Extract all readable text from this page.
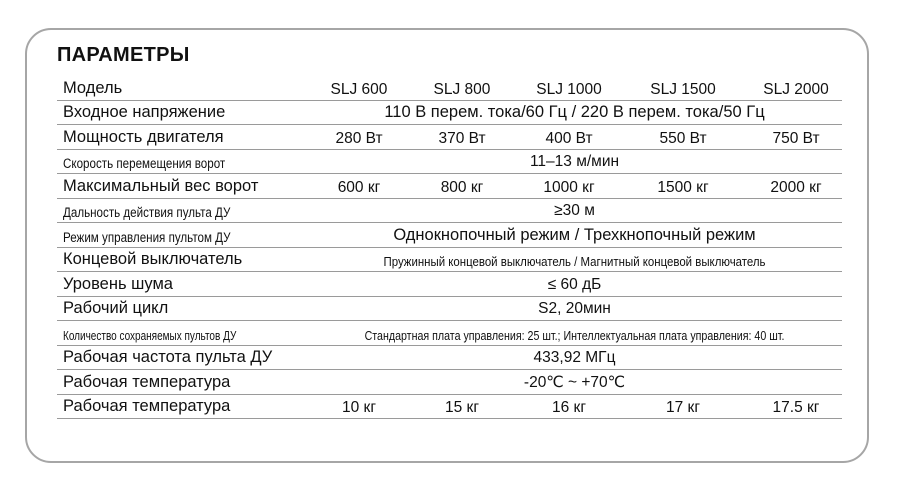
ПАРАМЕТРЫ
Модель	SLJ 600	SLJ 800	SLJ 1000	SLJ 1500	SLJ 2000
Входное напряжение	110 В перем. тока/60 Гц / 220 В перем. тока/50 Гц
Мощность двигателя	280 Вт	370 Вт	400 Вт	550 Вт	750 Вт
Скорость перемещения ворот	11–13 м/мин
Максимальный вес ворот	600 кг	800 кг	1000 кг	1500 кг	2000 кг
Дальность действия пульта ДУ	≥30 м
Режим управления пультом ДУ	Однокнопочный режим / Трехкнопочный режим
Концевой выключатель	Пружинный концевой выключатель / Магнитный концевой выключатель
Уровень шума	≤ 60 дБ
Рабочий цикл	S2, 20мин
Количество сохраняемых пультов ДУ	Стандартная плата управления: 25 шт.; Интеллектуальная плата управления: 40 шт.
Рабочая частота пульта ДУ	433,92 МГц
Рабочая температура	-20℃ ~ +70℃
Рабочая температура	10 кг	15 кг	16 кг	17 кг	17.5 кг
